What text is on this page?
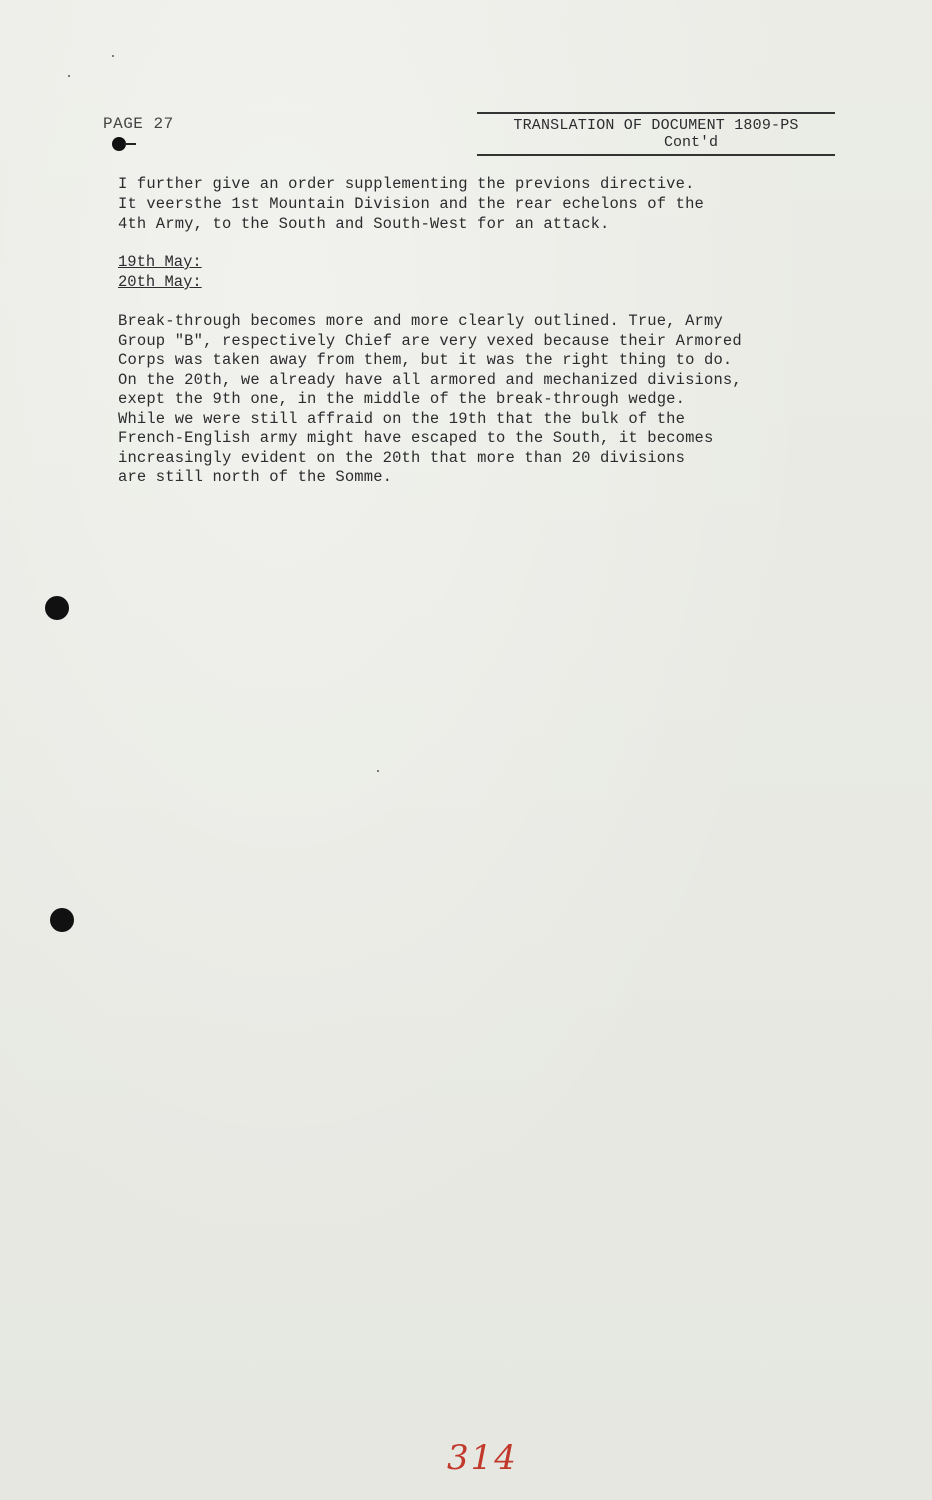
PAGE 27	TRANSLATION OF DOCUMENT 1809-PS
Cont'd
I further give an order supplementing the previons directive.
It veersthe 1st Mountain Division and the rear echelons of the
4th Army, to the South and South-West for an attack.
19th May:
20th May:
Break-through becomes more and more clearly outlined. True, Army
Group "B", respectively Chief are very vexed because their Armored
Corps was taken away from them, but it was the right thing to do.
On the 20th, we already have all armored and mechanized divisions,
exept the 9th one, in the middle of the break-through wedge.
While we were still affraid on the 19th that the bulk of the
French-English army might have escaped to the South, it becomes
increasingly evident on the 20th that more than 20 divisions
are still north of the Somme.
314
